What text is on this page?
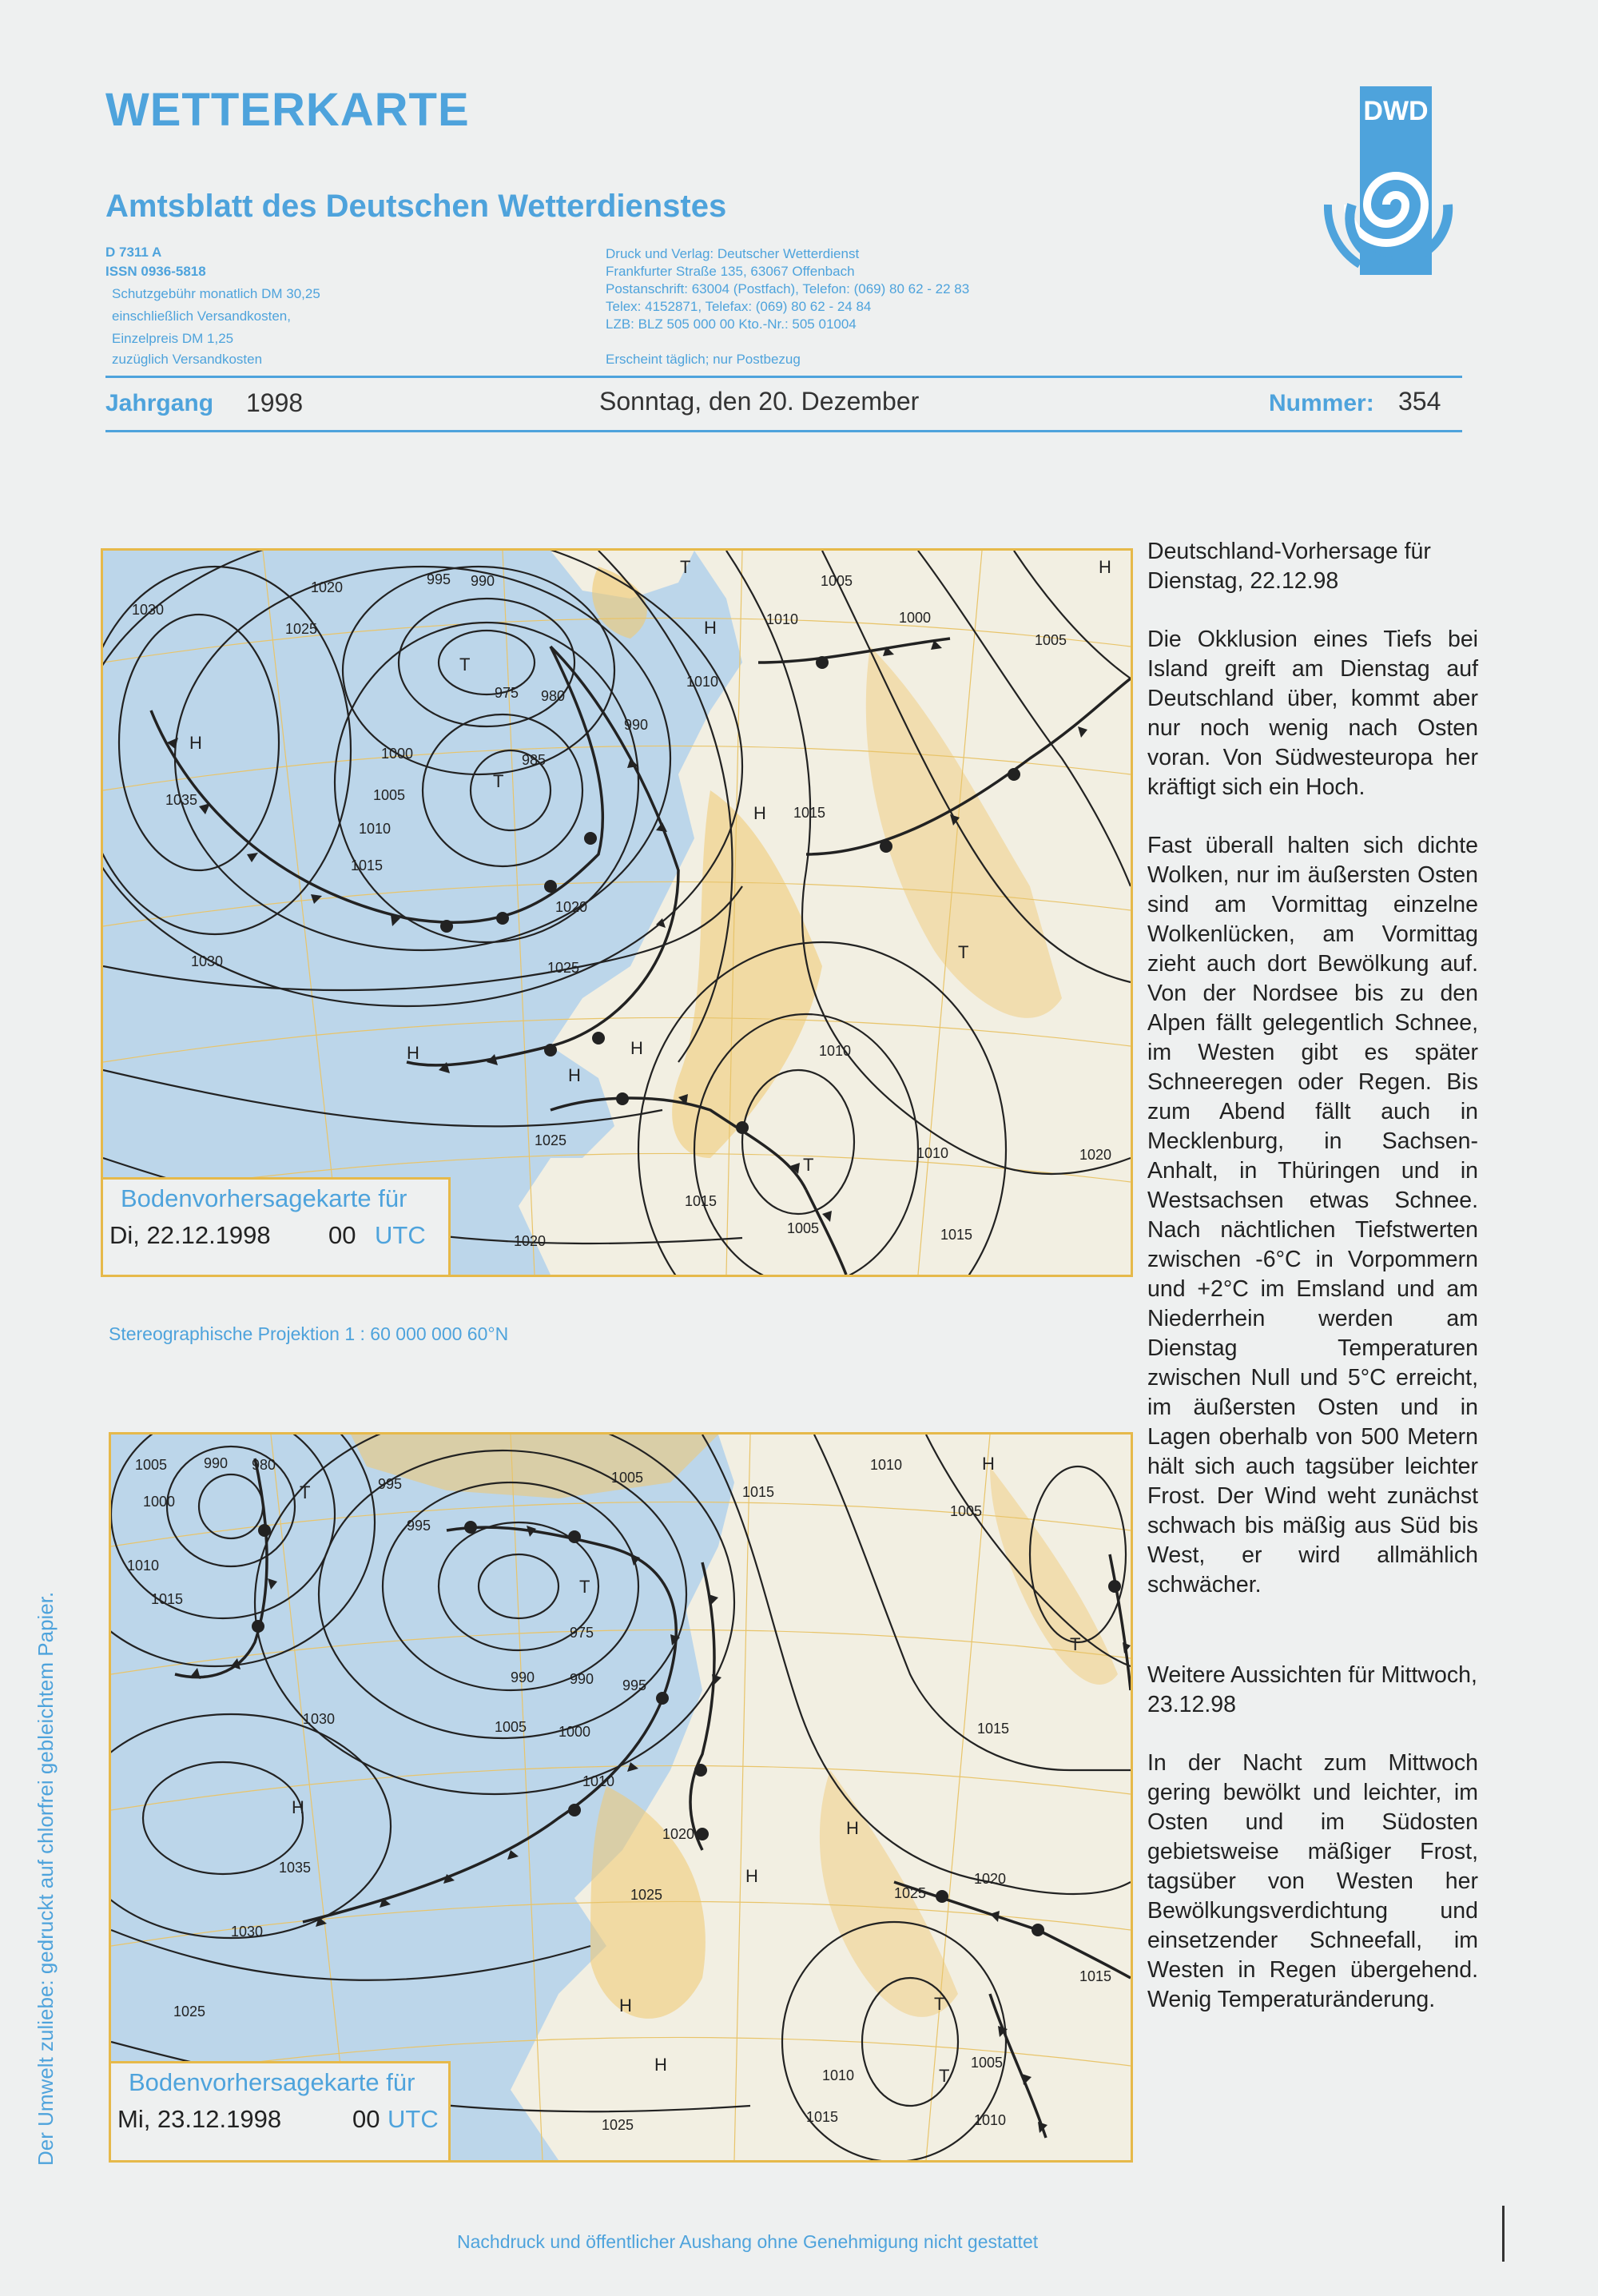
WETTERKARTE
Amtsblatt des Deutschen Wetterdienstes
DWD
D 7311 A
ISSN 0936-5818
Schutzgebühr monatlich DM 30,25
einschließlich Versandkosten,
Einzelpreis DM 1,25
zuzüglich Versandkosten
Druck und Verlag: Deutscher Wetterdienst
Frankfurter Straße 135, 63067 Offenbach
Postanschrift: 63004 (Postfach), Telefon: (069) 80 62 - 22 83
Telex: 4152871, Telefax: (069) 80 62 - 24 84
LZB: BLZ 505 000 00 Kto.-Nr.: 505 01004
Erscheint täglich; nur Postbezug
Jahrgang 1998	Sonntag, den 20. Dezember	Nummer: 354
1020	995 990	1005
1010	1000
1005
1030
1025
975 980
990
1010
985
1000
1005
1010
1015
1035
1015
1020
1025
1030
1010
1025
1010	1020
1015
1005	1015
1020
H
H
T
T
H
H
H
H
T
T
T
H
Bodenvorhersagekarte für
Di, 22.12.1998 00 UTC
Stereographische Projektion 1 : 60 000 000 60°N
1005	990 980
995
1000
995
1005
1015
1010
1005
1010
1015
975
990 990 995
1005 1000
1030
1010
1020
1015
1035
1025
1030
1025
1025
1020
1015
1010
1005
1010
1015
1025
T
T
H
H
H
H
H
H
T
T
T
Bodenvorhersagekarte für
Mi, 23.12.1998	00 UTC

Deutschland-Vorhersage für Dienstag, 22.12.98

Die Okklusion eines Tiefs bei Island greift am Dienstag auf Deutschland über, kommt aber nur noch wenig nach Osten voran. Von Südwesteuropa her kräftigt sich ein Hoch.

Fast überall halten sich dichte Wolken, nur im äußersten Osten sind am Vormittag einzelne Wolkenlücken, am Vormittag zieht auch dort Bewölkung auf. Von der Nordsee bis zu den Alpen fällt gelegentlich Schnee, im Westen gibt es später Schneeregen oder Regen. Bis zum Abend fällt auch in Mecklenburg, in Sachsen-Anhalt, in Thüringen und in Westsachsen etwas Schnee. Nach nächtlichen Tiefstwerten zwischen -6°C in Vorpommern und +2°C im Emsland und am Niederrhein werden am Dienstag Temperaturen zwischen Null und 5°C erreicht, im äußersten Osten und in Lagen oberhalb von 500 Metern hält sich auch tagsüber leichter Frost. Der Wind weht zunächst schwach bis mäßig aus Süd bis West, er wird allmählich schwächer.

Weitere Aussichten für Mittwoch, 23.12.98

In der Nacht zum Mittwoch gering bewölkt und leichter, im Osten und im Südosten gebietsweise mäßiger Frost, tagsüber von Westen her Bewölkungsverdichtung und einsetzender Schneefall, im Westen in Regen übergehend. Wenig Temperaturänderung.

Der Umwelt zuliebe: gedruckt auf chlorfrei gebleichtem Papier.
Nachdruck und öffentlicher Aushang ohne Genehmigung nicht gestattet
